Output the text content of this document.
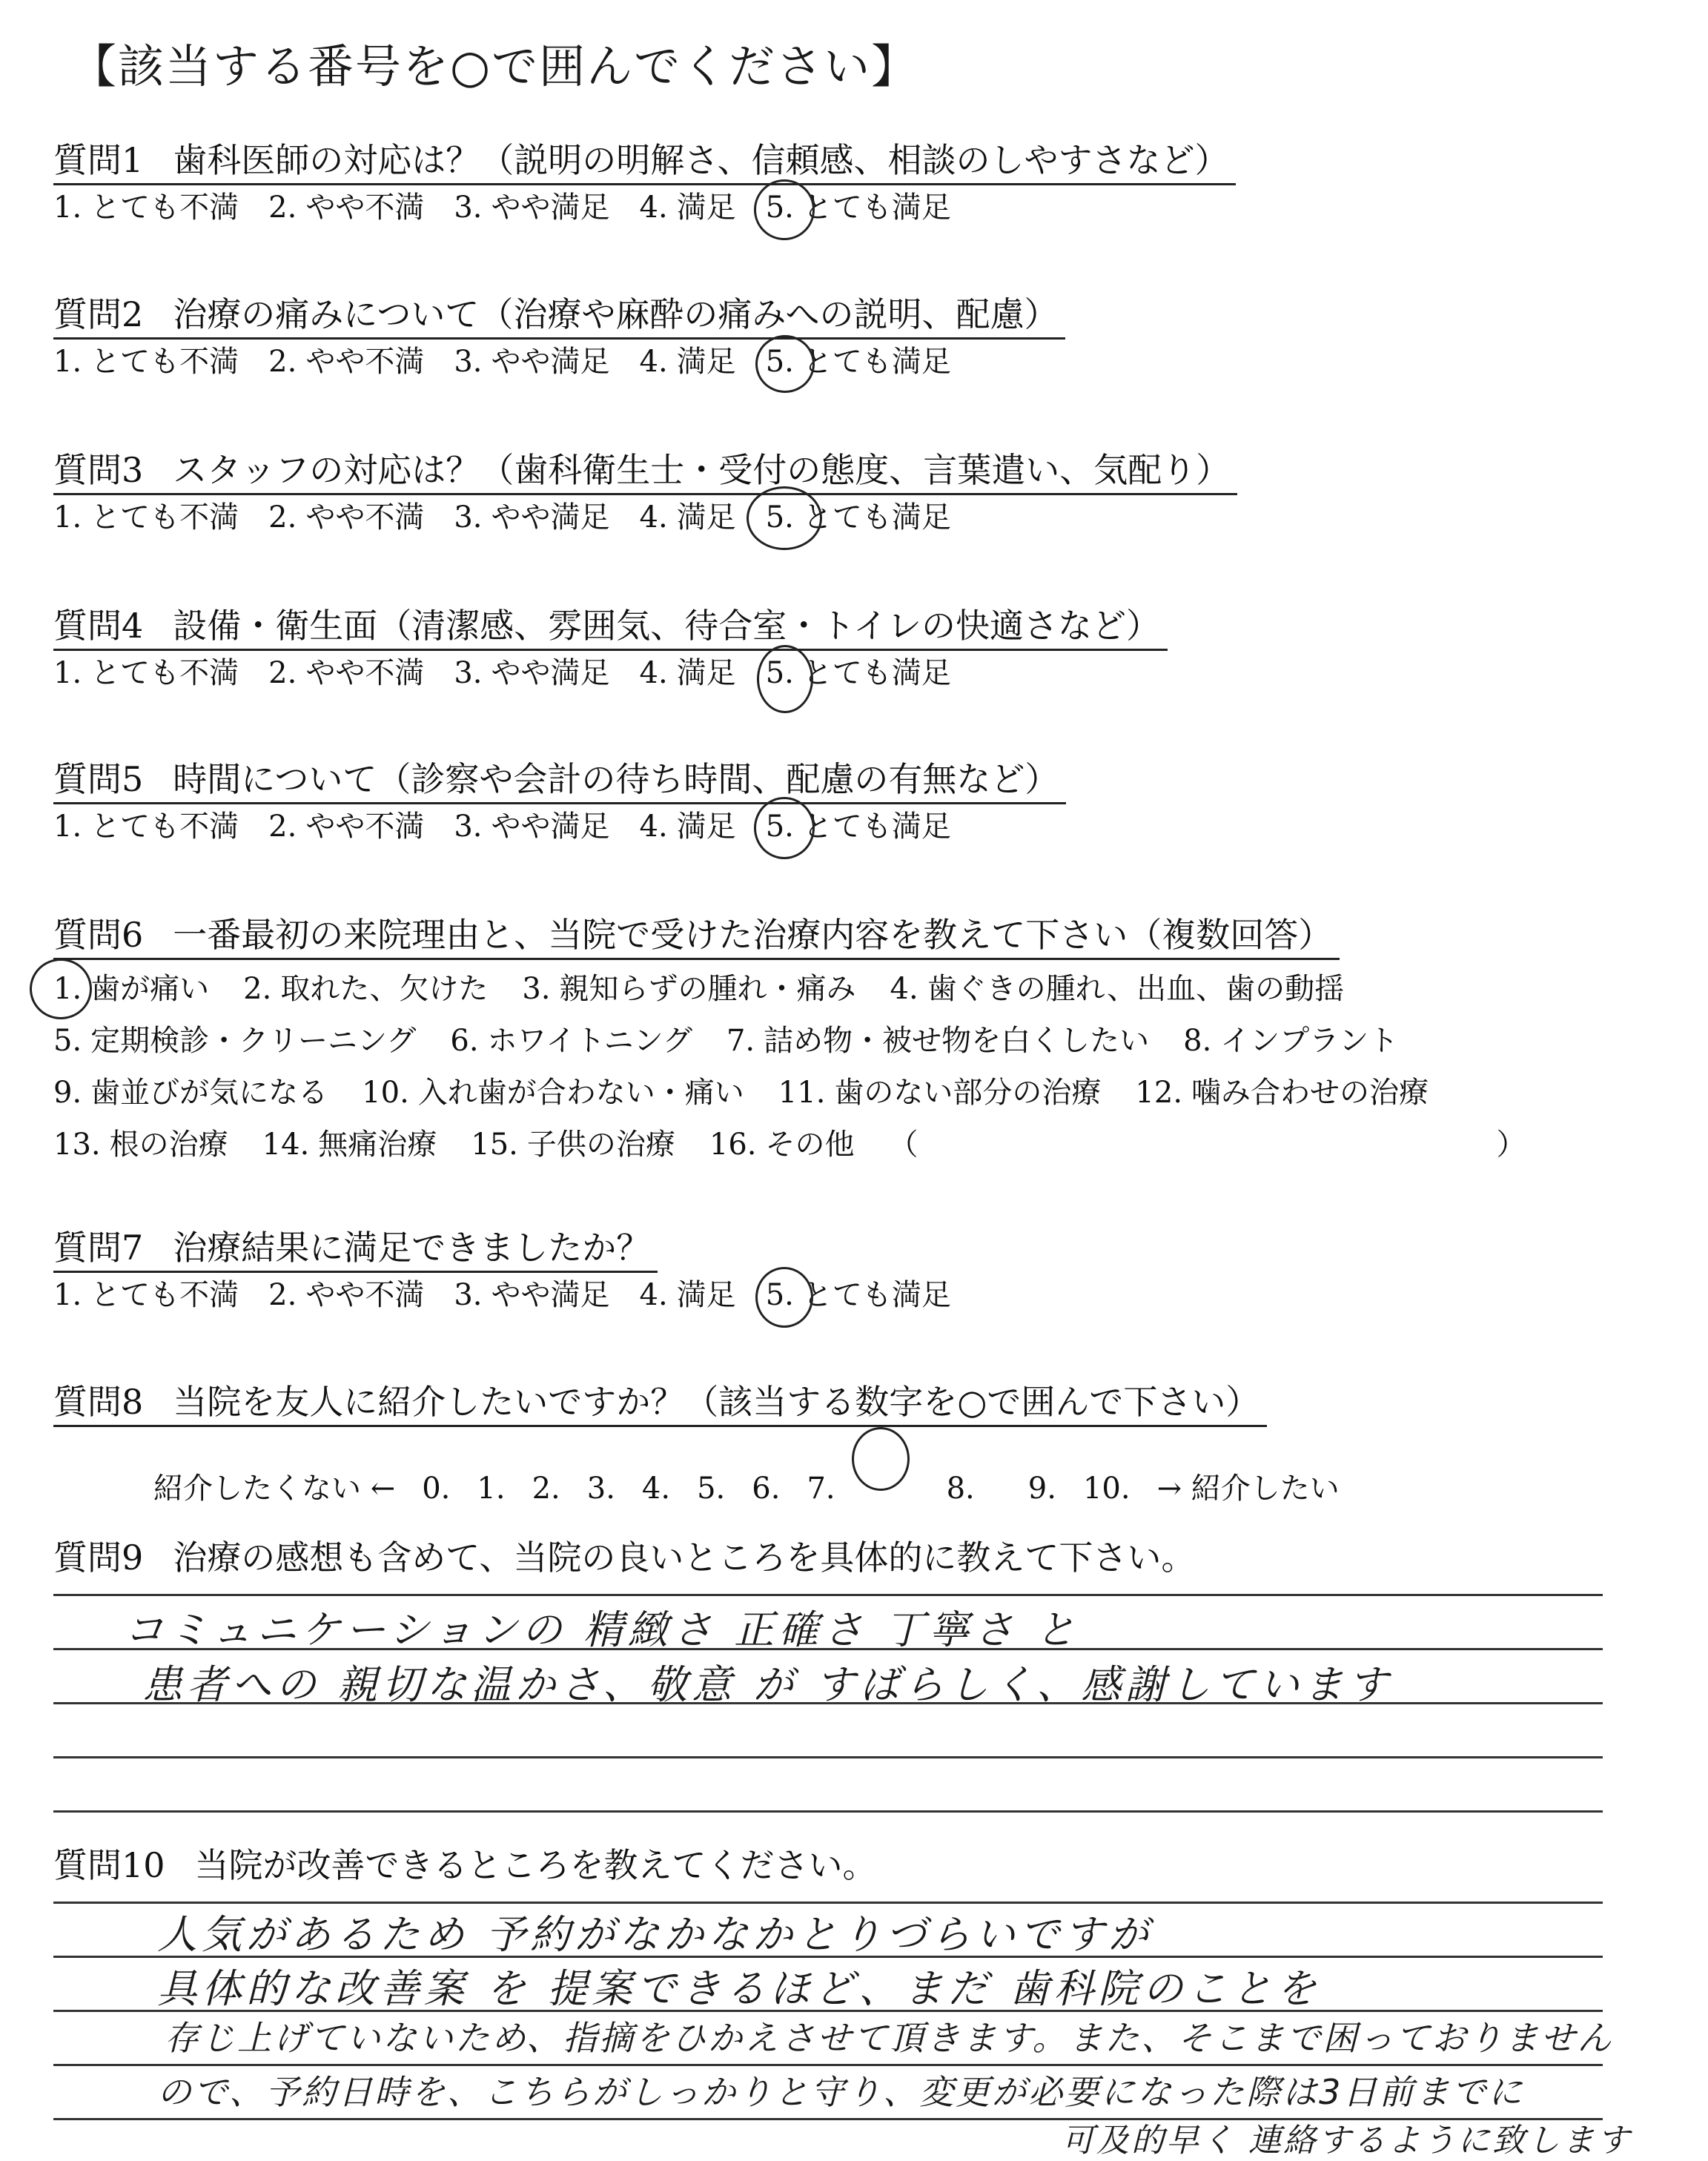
【該当する番号を○で囲んでください】
質問1 歯科医師の対応は？（説明の明解さ、信頼感、相談のしやすさなど）
1. とても不満 2. やや不満 3. やや満足 4. 満足 5. とても満足
質問2 治療の痛みについて（治療や麻酔の痛みへの説明、配慮）
1. とても不満 2. やや不満 3. やや満足 4. 満足 5. とても満足
質問3 スタッフの対応は？（歯科衛生士・受付の態度、言葉遣い、気配り）
1. とても不満 2. やや不満 3. やや満足 4. 満足 5. とても満足
質問4 設備・衛生面（清潔感、雰囲気、待合室・トイレの快適さなど）
1. とても不満 2. やや不満 3. やや満足 4. 満足 5. とても満足
質問5 時間について（診察や会計の待ち時間、配慮の有無など）
1. とても不満 2. やや不満 3. やや満足 4. 満足 5. とても満足
質問6 一番最初の来院理由と、当院で受けた治療内容を教えて下さい（複数回答）
1. 歯が痛い 2. 取れた、欠けた 3. 親知らずの腫れ・痛み 4. 歯ぐきの腫れ、出血、歯の動揺
5. 定期検診・クリーニング 6. ホワイトニング 7. 詰め物・被せ物を白くしたい 8. インプラント
9. 歯並びが気になる 10. 入れ歯が合わない・痛い 11. 歯のない部分の治療 12. 噛み合わせの治療
13. 根の治療 14. 無痛治療 15. 子供の治療 16. その他 （	）
質問7 治療結果に満足できましたか？
1. とても不満 2. やや不満 3. やや満足 4. 満足 5. とても満足
質問8 当院を友人に紹介したいですか？（該当する数字を○で囲んで下さい）
紹介したくない ← 0. 1. 2. 3. 4. 5. 6. 7.	8. 9. 10. → 紹介したい
質問9 治療の感想も含めて、当院の良いところを具体的に教えて下さい。
コミュニケーションの 精緻さ 正確さ 丁寧さ と
患者への 親切な温かさ、敬意 が すばらしく、感謝しています
質問10 当院が改善できるところを教えてください。
人気があるため 予約がなかなかとりづらいですが
具体的な改善案 を 提案できるほど、まだ 歯科院のことを
存じ上げていないため、指摘をひかえさせて頂きます。また、そこまで困っておりません
ので、予約日時を、こちらがしっかりと守り、変更が必要になった際は3日前までに
可及的早く 連絡するように致します
